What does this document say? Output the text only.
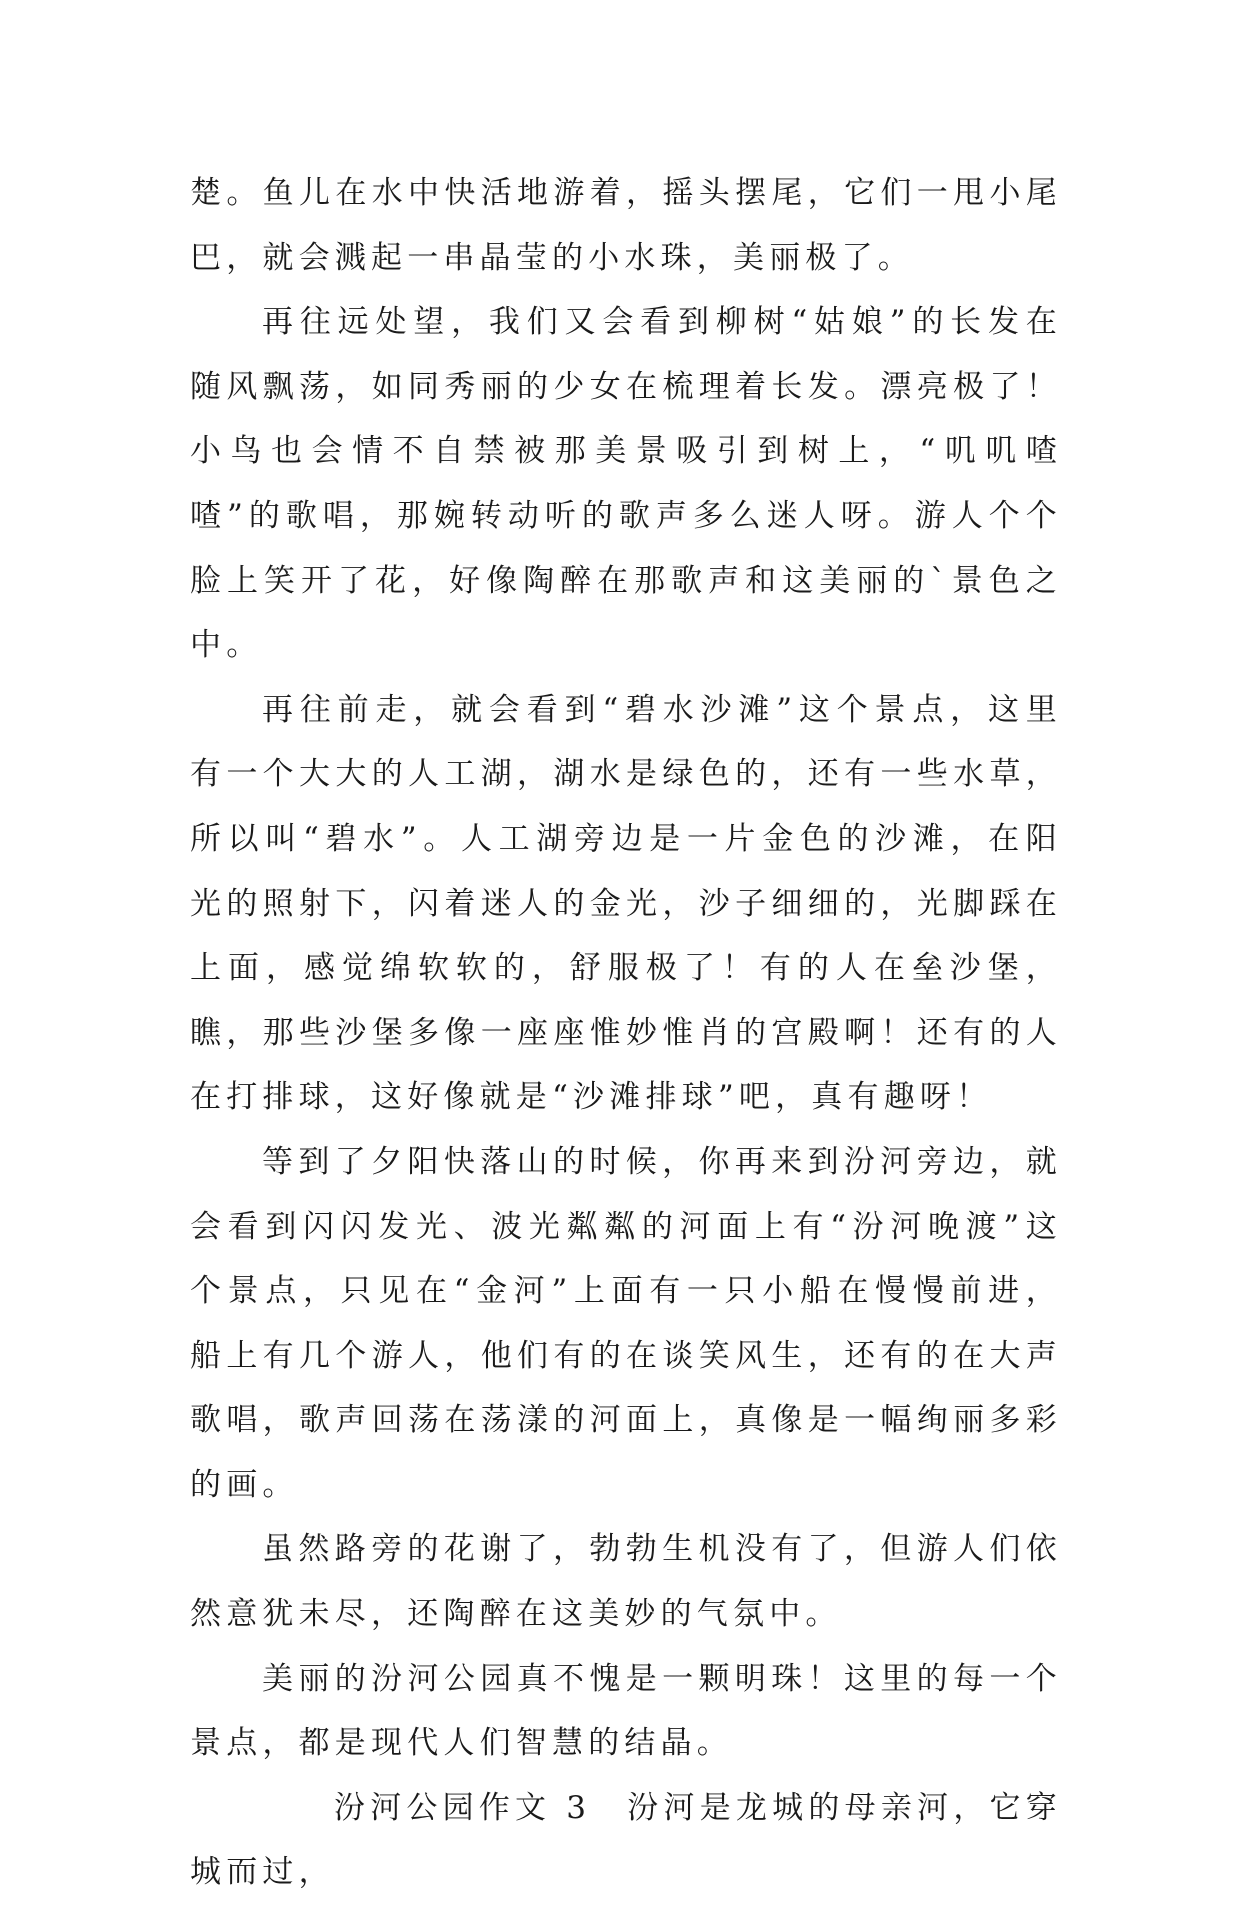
楚。鱼儿在水中快活地游着，摇头摆尾，它们一甩小尾巴，就会溅起一串晶莹的小水珠，美丽极了。

再往远处望，我们又会看到柳树“姑娘”的长发在随风飘荡，如同秀丽的少女在梳理着长发。漂亮极了！小鸟也会情不自禁被那美景吸引到树上，“叽叽喳喳”的歌唱，那婉转动听的歌声多么迷人呀。游人个个脸上笑开了花，好像陶醉在那歌声和这美丽的`景色之中。

再往前走，就会看到“碧水沙滩”这个景点，这里有一个大大的人工湖，湖水是绿色的，还有一些水草，所以叫“碧水”。人工湖旁边是一片金色的沙滩，在阳光的照射下，闪着迷人的金光，沙子细细的，光脚踩在上面，感觉绵软软的，舒服极了！有的人在垒沙堡，瞧，那些沙堡多像一座座惟妙惟肖的宫殿啊！还有的人在打排球，这好像就是“沙滩排球”吧，真有趣呀！

等到了夕阳快落山的时候，你再来到汾河旁边，就会看到闪闪发光、波光粼粼的河面上有“汾河晚渡”这个景点，只见在“金河”上面有一只小船在慢慢前进，船上有几个游人，他们有的在谈笑风生，还有的在大声歌唱，歌声回荡在荡漾的河面上，真像是一幅绚丽多彩的画。

虽然路旁的花谢了，勃勃生机没有了，但游人们依然意犹未尽，还陶醉在这美妙的气氛中。

美丽的汾河公园真不愧是一颗明珠！这里的每一个景点，都是现代人们智慧的结晶。

汾河公园作文 3 汾河是龙城的母亲河，它穿城而过，
